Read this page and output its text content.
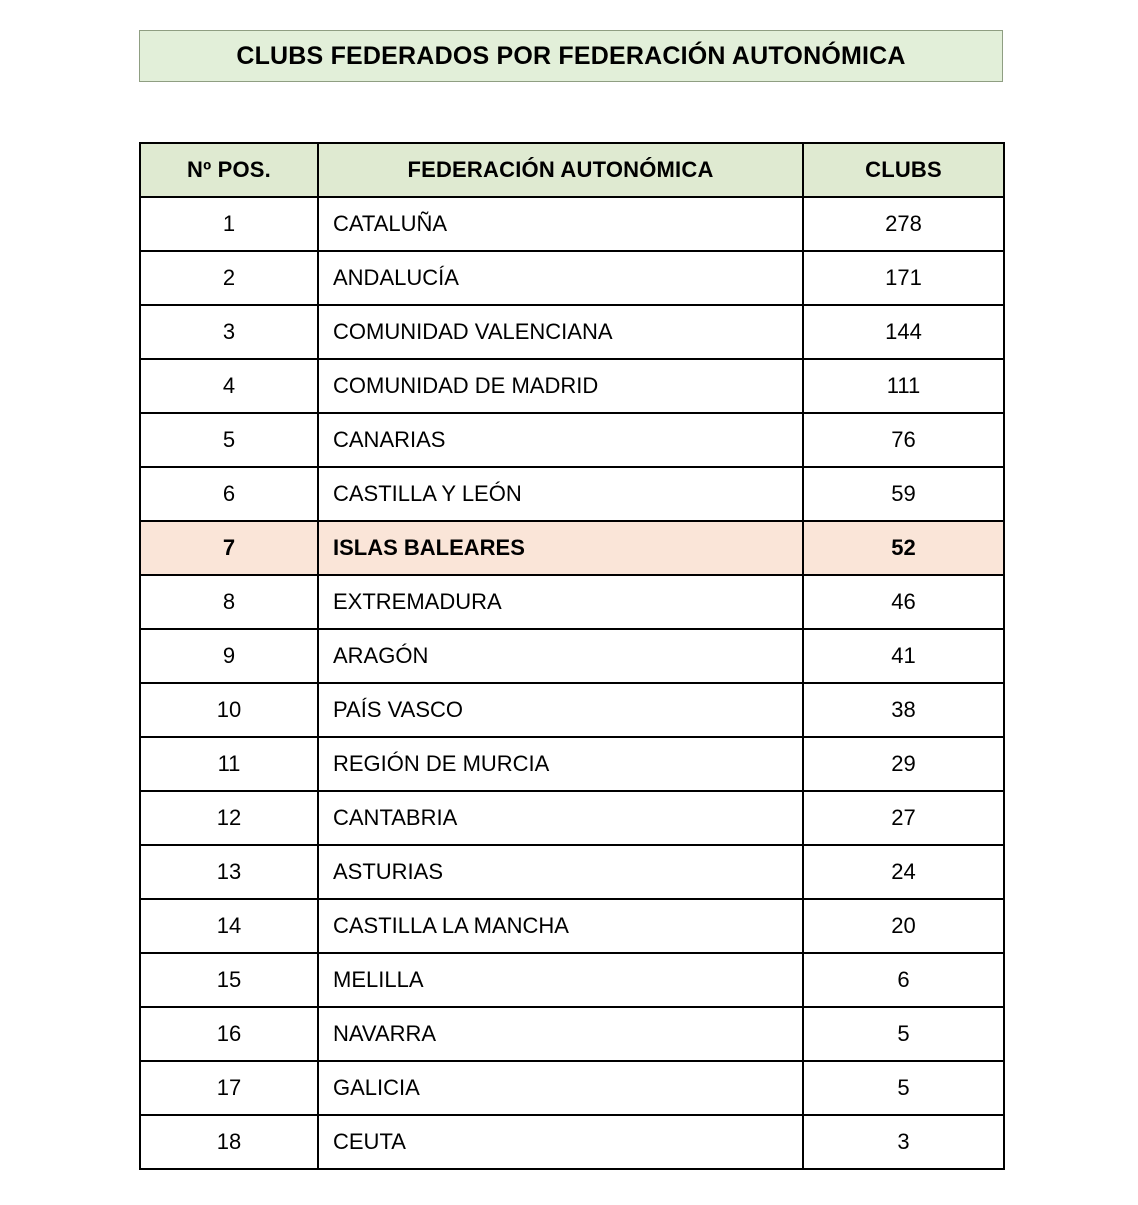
CLUBS FEDERADOS POR FEDERACIÓN AUTONÓMICA
Nº POS.	FEDERACIÓN AUTONÓMICA	CLUBS
1	CATALUÑA	278
2	ANDALUCÍA	171
3	COMUNIDAD VALENCIANA	144
4	COMUNIDAD DE MADRID	111
5	CANARIAS	76
6	CASTILLA Y LEÓN	59
7	ISLAS BALEARES	52
8	EXTREMADURA	46
9	ARAGÓN	41
10	PAÍS VASCO	38
11	REGIÓN DE MURCIA	29
12	CANTABRIA	27
13	ASTURIAS	24
14	CASTILLA LA MANCHA	20
15	MELILLA	6
16	NAVARRA	5
17	GALICIA	5
18	CEUTA	3
